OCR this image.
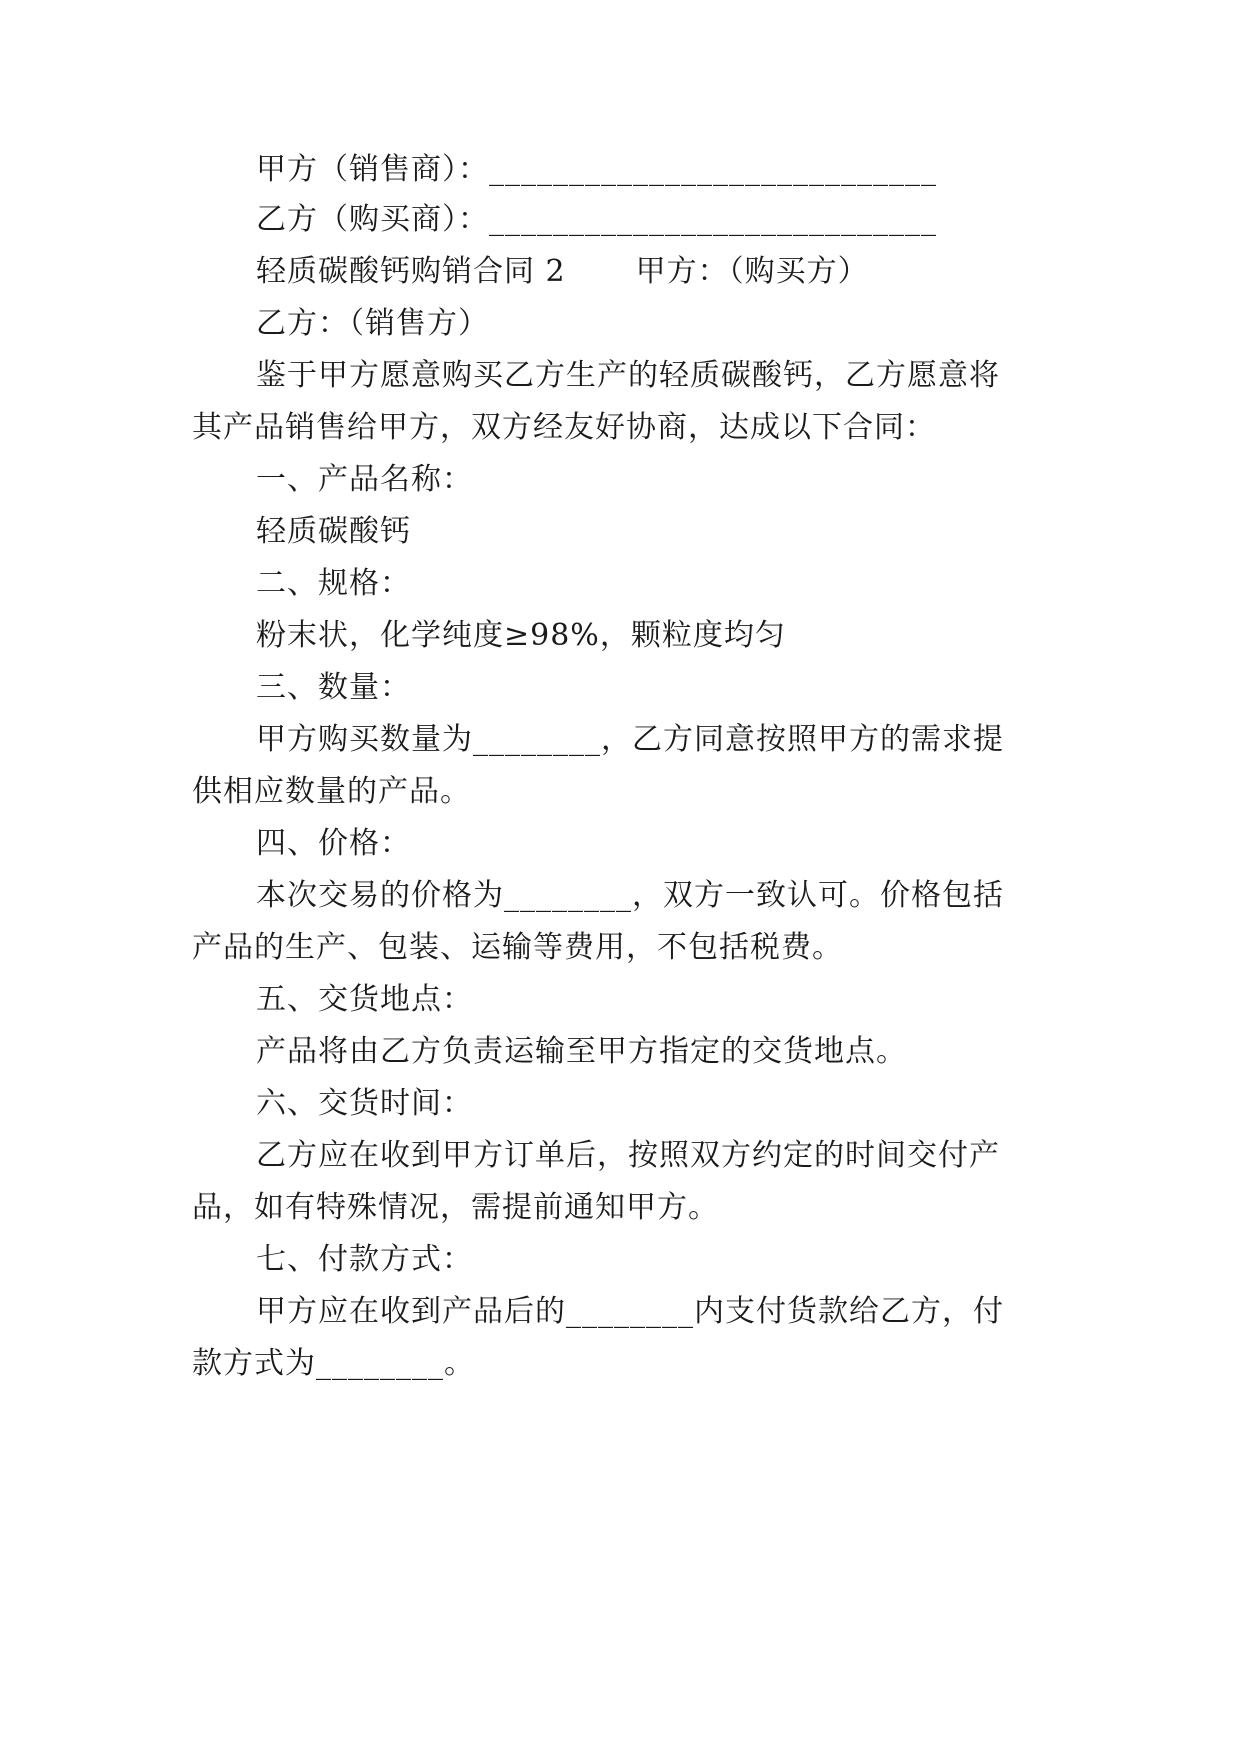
甲方（销售商）：____________________________
乙方（购买商）：____________________________
轻质碳酸钙购销合同 2 甲方：（购买方）
乙方：（销售方）
鉴于甲方愿意购买乙方生产的轻质碳酸钙，乙方愿意将
其产品销售给甲方，双方经友好协商，达成以下合同：
一、产品名称：
轻质碳酸钙
二、规格：
粉末状，化学纯度≥98%，颗粒度均匀
三、数量：
甲方购买数量为________，乙方同意按照甲方的需求提
供相应数量的产品。
四、价格：
本次交易的价格为________，双方一致认可。价格包括
产品的生产、包装、运输等费用，不包括税费。
五、交货地点：
产品将由乙方负责运输至甲方指定的交货地点。
六、交货时间：
乙方应在收到甲方订单后，按照双方约定的时间交付产
品，如有特殊情况，需提前通知甲方。
七、付款方式：
甲方应在收到产品后的________内支付货款给乙方，付
款方式为________。
